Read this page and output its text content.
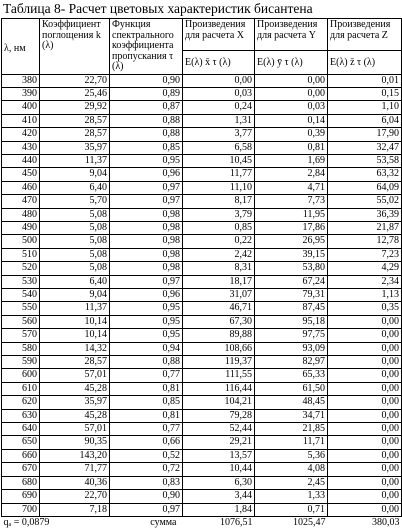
Таблица 8- Расчет цветовых характеристик бисантена
λ, нм	Коэффициент поглощения k (λ)	Функция спектрального коэффициента пропускания τ (λ)	Произведения для расчета X	Произведения для расчета Y	Произведения для расчета Z
			E(λ) x̄ τ (λ)	E(λ) ȳ τ (λ)	E(λ) z̄ τ (λ)
380	22,70	0,90	0,00	0,00	0,01
390	25,46	0,89	0,03	0,00	0,15
400	29,92	0,87	0,24	0,03	1,10
410	28,57	0,88	1,31	0,14	6,04
420	28,57	0,88	3,77	0,39	17,90
430	35,97	0,85	6,58	0,81	32,47
440	11,37	0,95	10,45	1,69	53,58
450	9,04	0,96	11,77	2,84	63,32
460	6,40	0,97	11,10	4,71	64,09
470	5,70	0,97	8,17	7,73	55,02
480	5,08	0,98	3,79	11,95	36,39
490	5,08	0,98	0,85	17,86	21,87
500	5,08	0,98	0,22	26,95	12,78
510	5,08	0,98	2,42	39,15	7,23
520	5,08	0,98	8,31	53,80	4,29
530	6,40	0,97	18,17	67,24	2,34
540	9,04	0,96	31,07	79,31	1,13
550	11,37	0,95	46,71	87,45	0,35
560	10,14	0,95	67,30	95,18	0,00
570	10,14	0,95	89,88	97,75	0,00
580	14,32	0,94	108,66	93,09	0,00
590	28,57	0,88	119,37	82,97	0,00
600	57,01	0,77	111,55	65,33	0,00
610	45,28	0,81	116,44	61,50	0,00
620	35,97	0,85	104,21	48,45	0,00
630	45,28	0,81	79,28	34,71	0,00
640	57,01	0,77	52,44	21,85	0,00
650	90,35	0,66	29,21	11,71	0,00
660	143,20	0,52	13,57	5,36	0,00
670	71,77	0,72	10,44	4,08	0,00
680	40,36	0,83	6,30	2,45	0,00
690	22,70	0,90	3,44	1,33	0,00
700	7,18	0,97	1,84	0,71	0,00
qₐ = 0,0879		сумма	1076,51	1025,47	380,03
